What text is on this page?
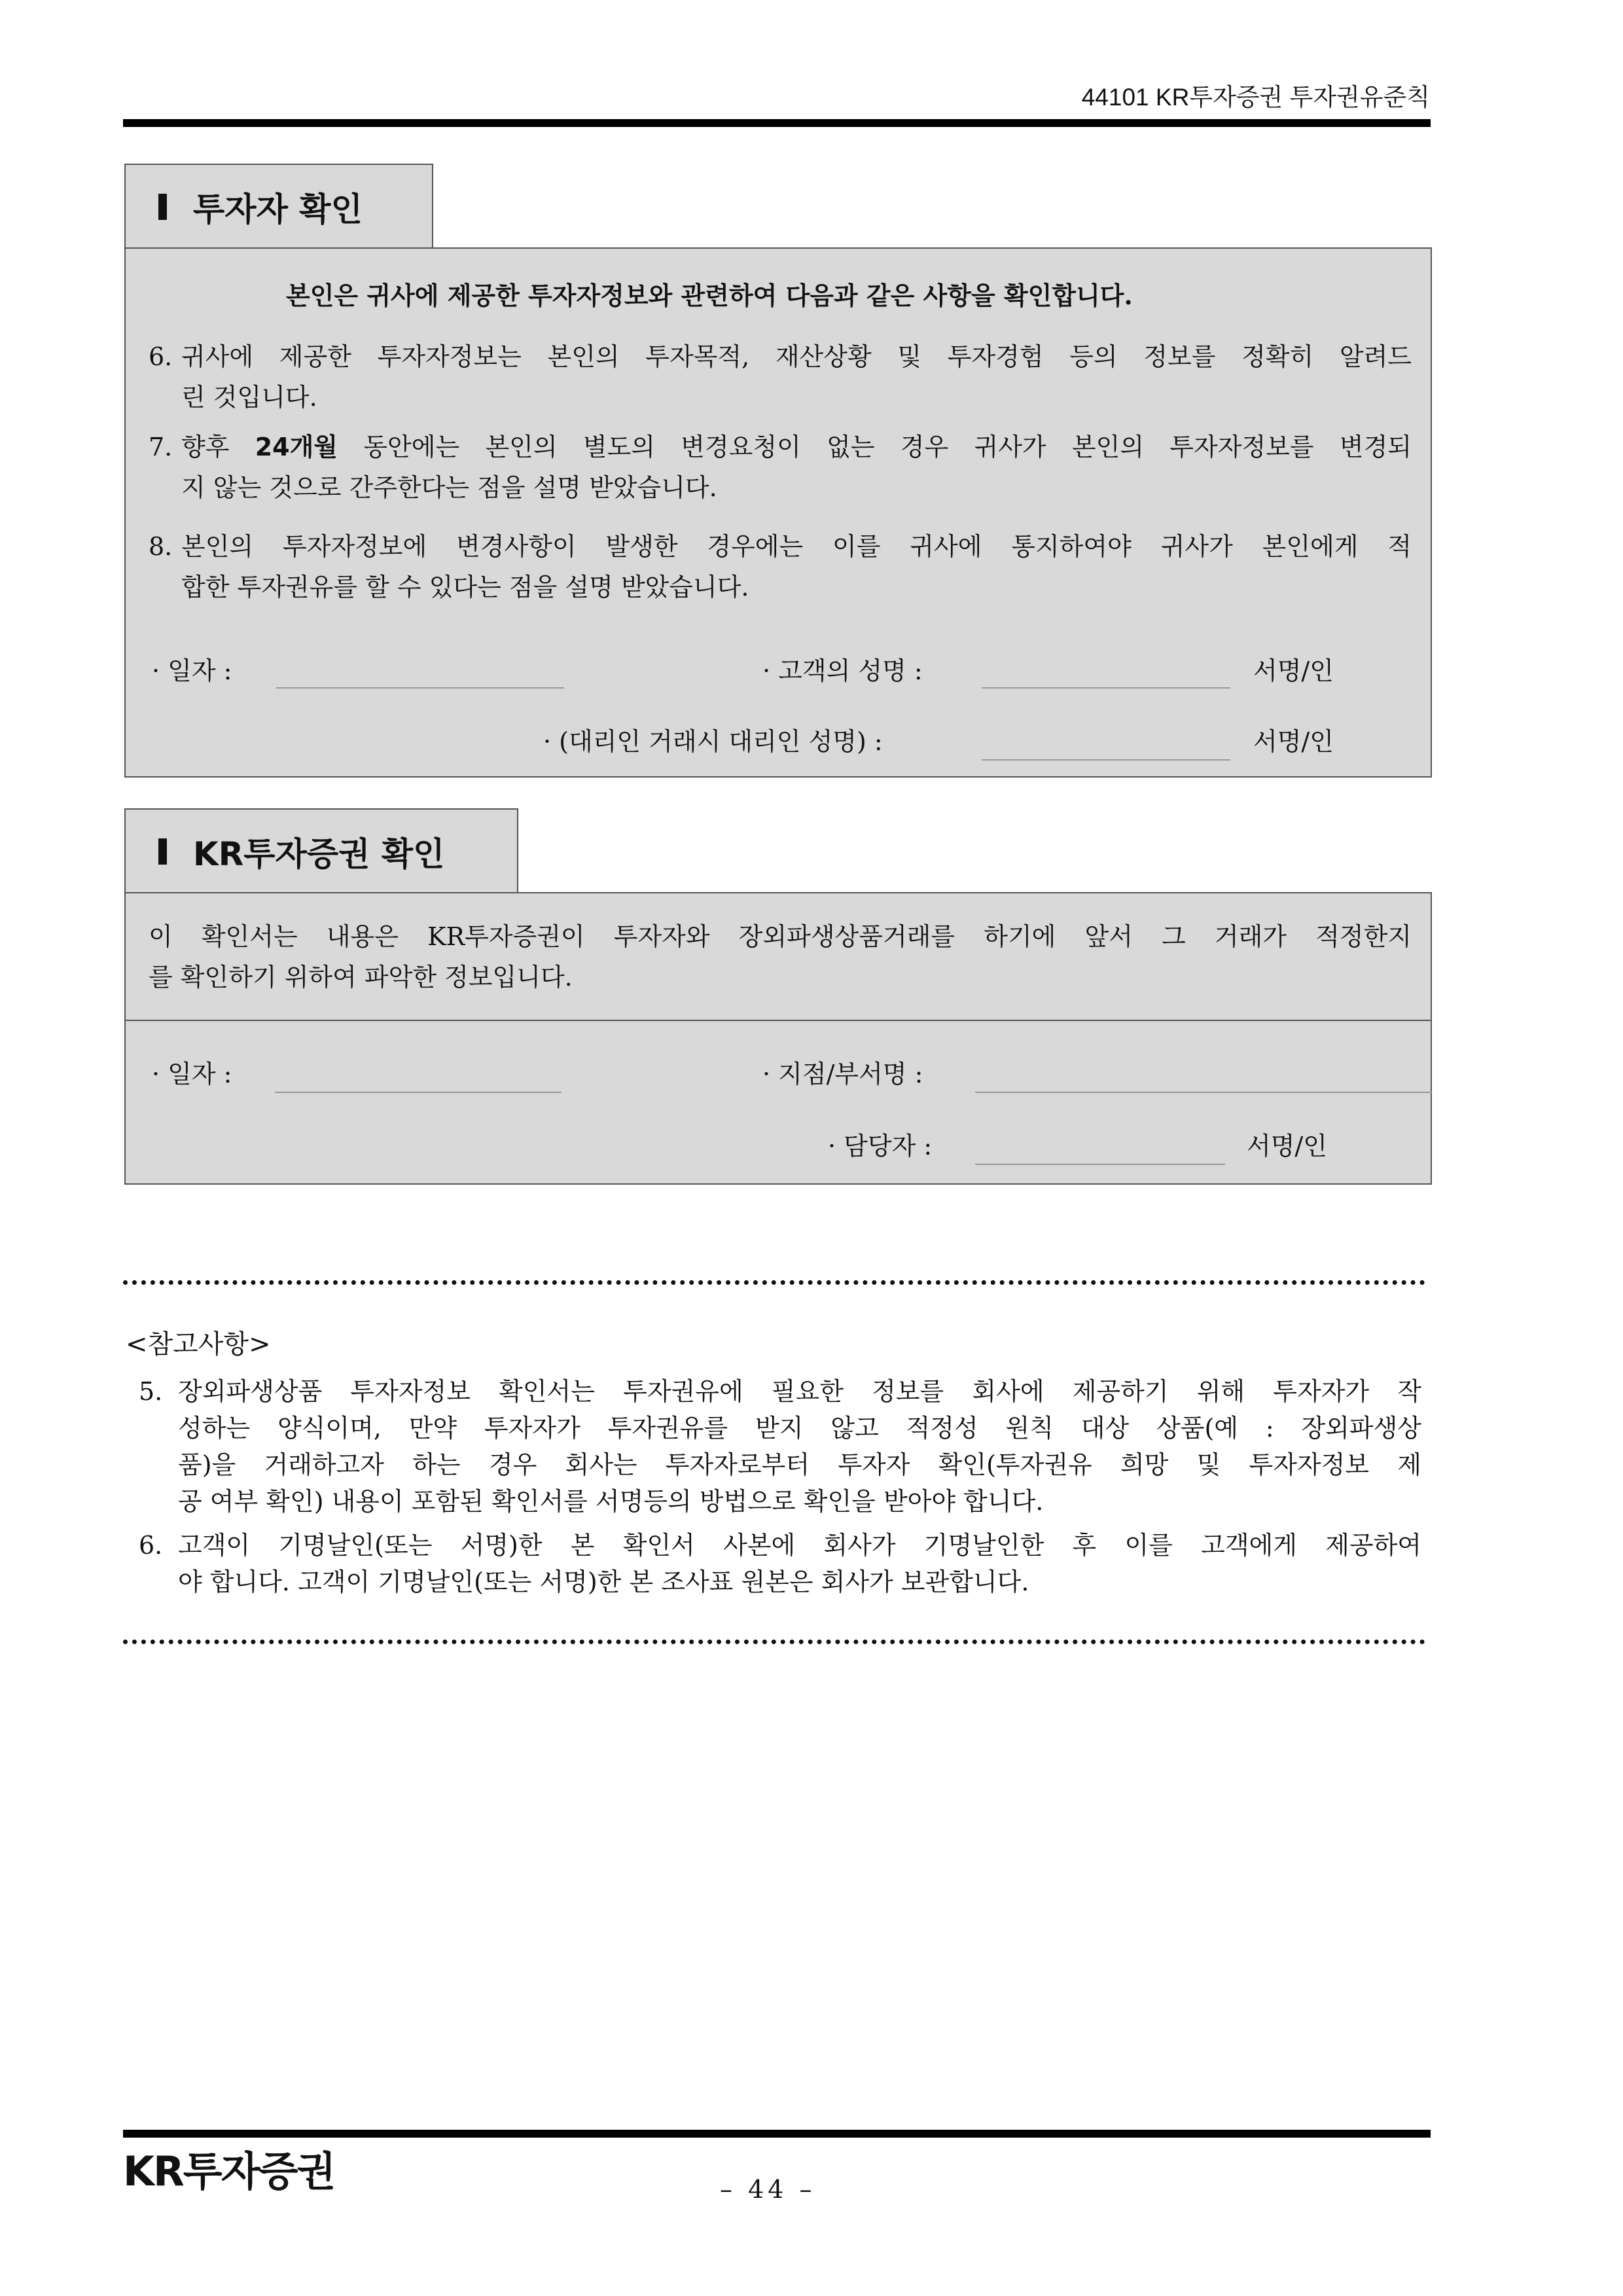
44101 KR투자증권 투자권유준칙
투자자 확인
본인은 귀사에 제공한 투자자정보와 관련하여 다음과 같은 사항을 확인합니다.
6. 귀사에 제공한 투자자정보는 본인의 투자목적, 재산상황 및 투자경험 등의 정보를 정확히 알려드
린 것입니다.
7. 향후 24개월 동안에는 본인의 별도의 변경요청이 없는 경우 귀사가 본인의 투자자정보를 변경되
지 않는 것으로 간주한다는 점을 설명 받았습니다.
8. 본인의 투자자정보에 변경사항이 발생한 경우에는 이를 귀사에 통지하여야 귀사가 본인에게 적
합한 투자권유를 할 수 있다는 점을 설명 받았습니다.
· 일자 :	· 고객의 성명 :	서명/인
· (대리인 거래시 대리인 성명) :	서명/인
KR투자증권 확인
이 확인서는 내용은 KR투자증권이 투자자와 장외파생상품거래를 하기에 앞서 그 거래가 적정한지
를 확인하기 위하여 파악한 정보입니다.
· 일자 :	· 지점/부서명 :
· 담당자 :	서명/인
<참고사항>
5. 장외파생상품 투자자정보 확인서는 투자권유에 필요한 정보를 회사에 제공하기 위해 투자자가 작
성하는 양식이며, 만약 투자자가 투자권유를 받지 않고 적정성 원칙 대상 상품(예 : 장외파생상
품)을 거래하고자 하는 경우 회사는 투자자로부터 투자자 확인(투자권유 희망 및 투자자정보 제
공 여부 확인) 내용이 포함된 확인서를 서명등의 방법으로 확인을 받아야 합니다.
6. 고객이 기명날인(또는 서명)한 본 확인서 사본에 회사가 기명날인한 후 이를 고객에게 제공하여
야 합니다. 고객이 기명날인(또는 서명)한 본 조사표 원본은 회사가 보관합니다.
KR투자증권	– 44 –
